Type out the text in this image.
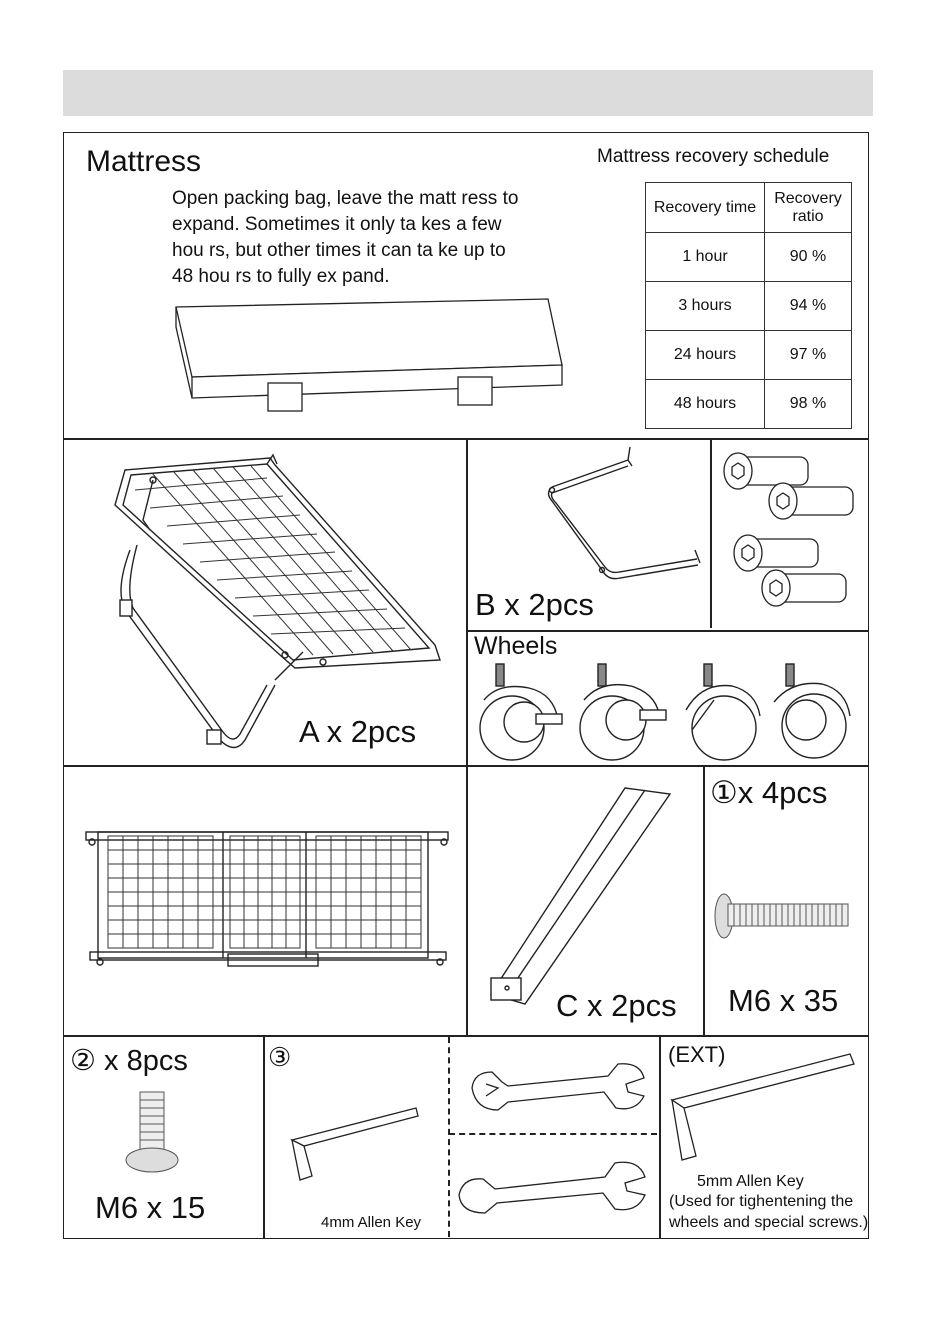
Mattress	Mattress recovery schedule
Open packing bag, leave the matt ress to
expand. Sometimes it only ta kes a few
hou rs, but other times it can ta ke up to
48 hou rs to fully ex pand.
Recovery time	Recovery ratio
1 hour	90 %
3 hours	94 %
24 hours	97 %
48 hours	98 %
A x 2pcs
B x 2pcs
Wheels
C x 2pcs
①x 4pcs
M6 x 35
② x 8pcs
M6 x 15
③
4mm Allen Key
(EXT)
5mm Allen Key
(Used for tighentening the
wheels and special screws.)
